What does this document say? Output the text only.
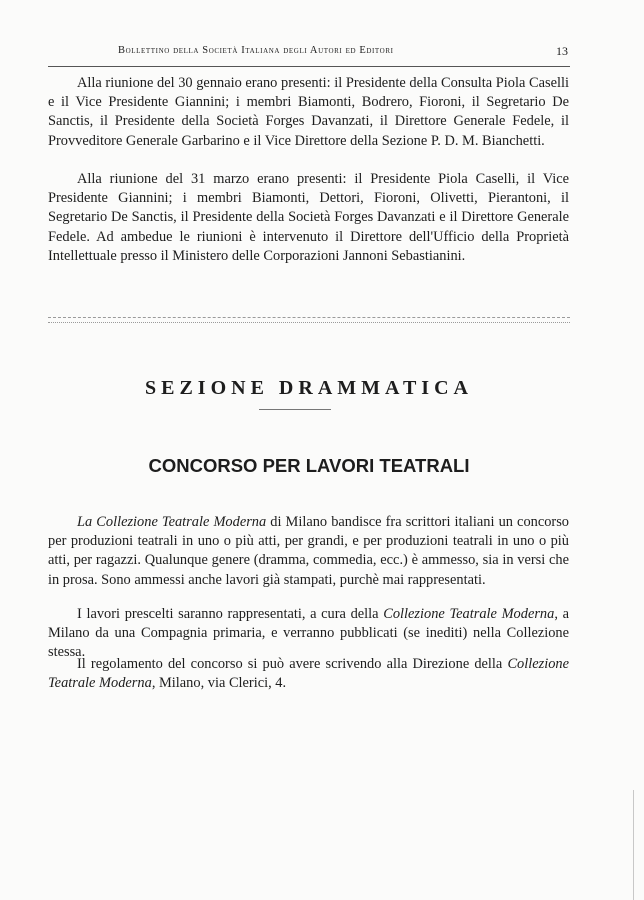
Bollettino della Società Italiana degli Autori ed Editori	13

Alla riunione del 30 gennaio erano presenti: il Presidente della Consulta Piola Caselli e il Vice Presidente Giannini; i membri Biamonti, Bodrero, Fioroni, il Segretario De Sanctis, il Presidente della Società Forges Davanzati, il Direttore Generale Fedele, il Provveditore Generale Garbarino e il Vice Direttore della Sezione P. D. M. Bianchetti.

Alla riunione del 31 marzo erano presenti: il Presidente Piola Caselli, il Vice Presidente Giannini; i membri Biamonti, Dettori, Fioroni, Olivetti, Pierantoni, il Segretario De Sanctis, il Presidente della Società Forges Davanzati e il Direttore Generale Fedele. Ad ambedue le riunioni è intervenuto il Direttore dell'Ufficio della Proprietà Intellettuale presso il Ministero delle Corporazioni Jannoni Sebastianini.

SEZIONE DRAMMATICA
CONCORSO PER LAVORI TEATRALI

La Collezione Teatrale Moderna di Milano bandisce fra scrittori italiani un concorso per produzioni teatrali in uno o più atti, per grandi, e per produzioni teatrali in uno o più atti, per ragazzi. Qualunque genere (dramma, commedia, ecc.) è ammesso, sia in versi che in prosa. Sono ammessi anche lavori già stampati, purchè mai rappresentati.

I lavori prescelti saranno rappresentati, a cura della Collezione Teatrale Moderna, a Milano da una Compagnia primaria, e verranno pubblicati (se inediti) nella Collezione stessa.

Il regolamento del concorso si può avere scrivendo alla Direzione della Collezione Teatrale Moderna, Milano, via Clerici, 4.
